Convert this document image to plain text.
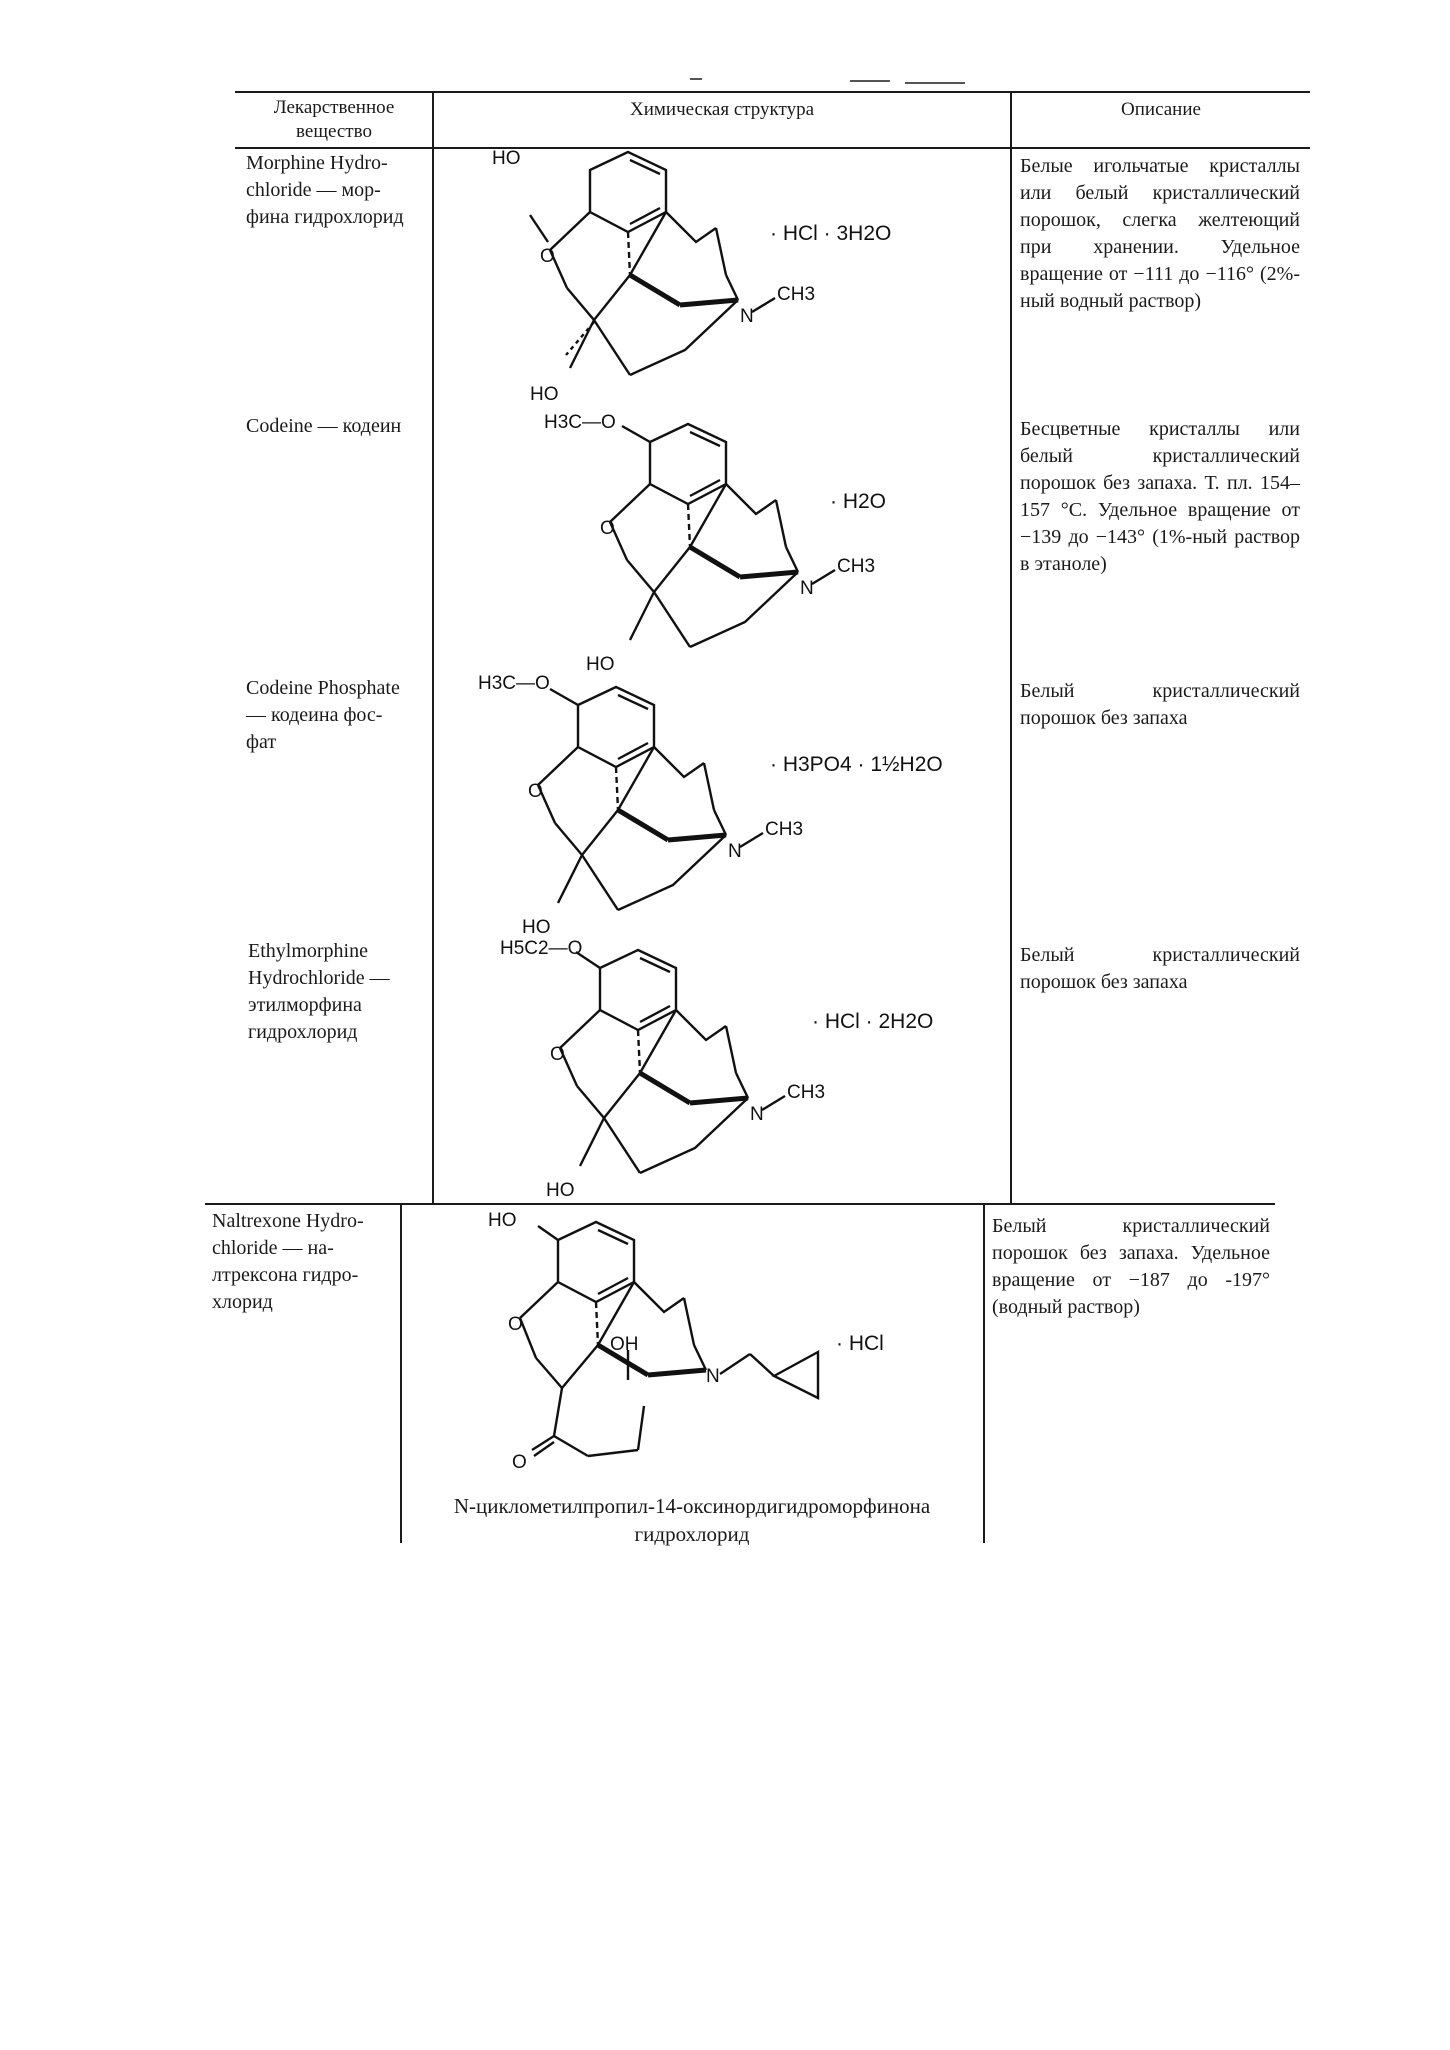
Лекарственное вещество
Химическая структура	Описание
Morphine Hydro-
chloride — мор-
фина гидрохлорид
HO
O
N
CH3
HO
· HCl · 3H2O
Белые игольчатые кристаллы или белый кристаллический порошок, слегка желтеющий при хранении. Удельное вращение от −111 до −116° (2%-ный водный раствор)
Codeine — кодеин	H3C—O
O
N
CH3
HO
· H2O
Бесцветные кристаллы или белый кристаллический порошок без запаха. Т. пл. 154–157 °С. Удельное вращение от −139 до −143° (1%-ный раствор в этаноле)
Codeine Phosphate
— кодеина фос-
фат
H3C—O
O
N
CH3
HO
· H3PO4 · 1½H2O
Белый кристаллический порошок без запаха
Ethylmorphine
Hydrochloride —
этилморфина
гидрохлорид
H5C2—O
O
N
CH3
HO
· HCl · 2H2O
Белый кристаллический порошок без запаха
Naltrexone Hydro-
chloride — на-
лтрексона гидро-
хлорид
HO
O
OH
N
O
· HCl
N-циклометилпропил-14-оксинордигидроморфинона гидрохлорид
Белый кристаллический порошок без запаха. Удельное вращение от −187 до -197° (водный раствор)
